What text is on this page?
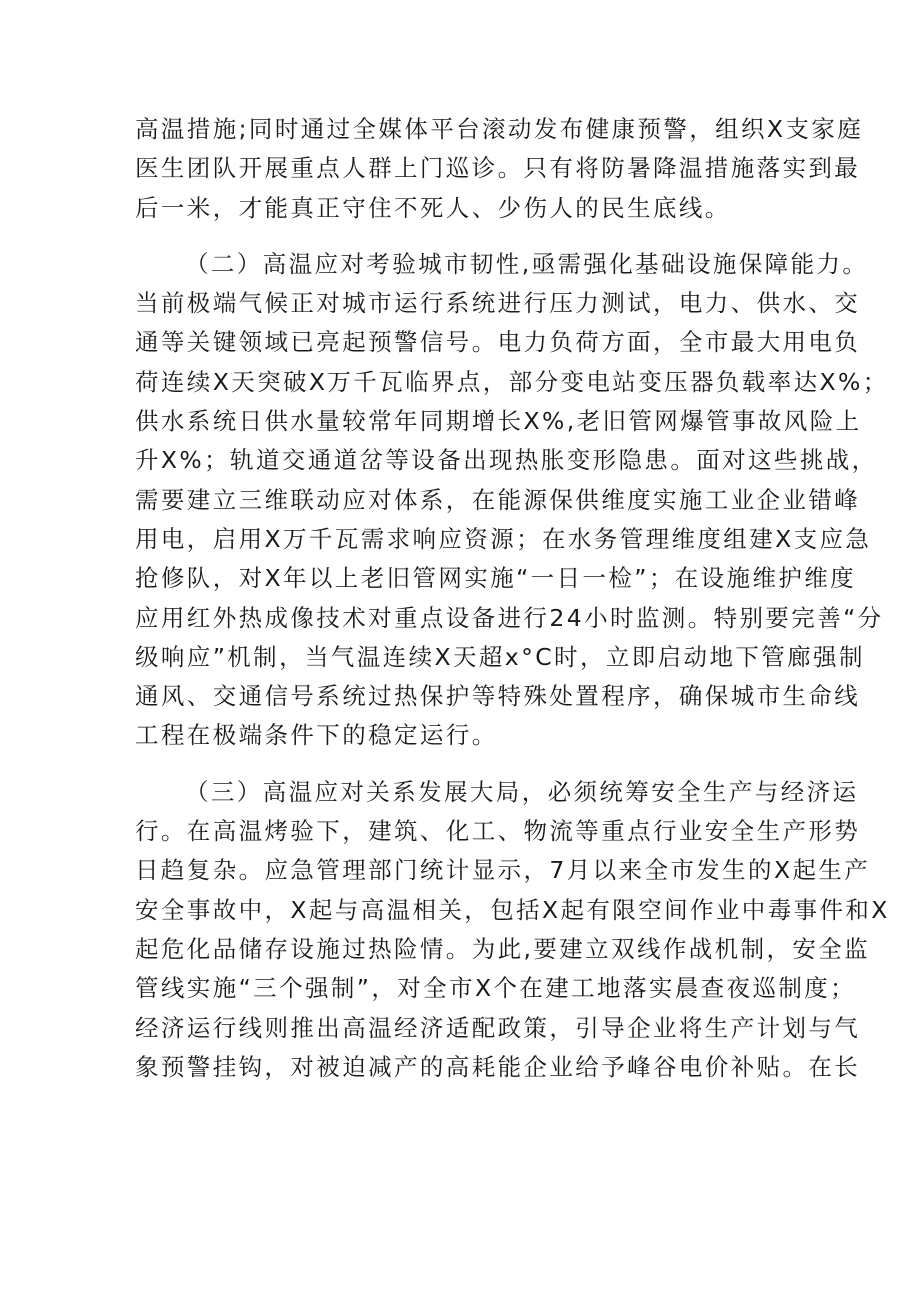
高温措施;同时通过全媒体平台滚动发布健康预警，组织X支家庭
医生团队开展重点人群上门巡诊。只有将防暑降温措施落实到最
后一米，才能真正守住不死人、少伤人的民生底线。
（二）高温应对考验城市韧性,亟需强化基础设施保障能力。
当前极端气候正对城市运行系统进行压力测试，电力、供水、交
通等关键领域已亮起预警信号。电力负荷方面，全市最大用电负
荷连续X天突破X万千瓦临界点，部分变电站变压器负载率达X%；
供水系统日供水量较常年同期增长X%,老旧管网爆管事故风险上
升X%；轨道交通道岔等设备出现热胀变形隐患。面对这些挑战，
需要建立三维联动应对体系，在能源保供维度实施工业企业错峰
用电，启用X万千瓦需求响应资源；在水务管理维度组建X支应急
抢修队，对X年以上老旧管网实施“一日一检”；在设施维护维度
应用红外热成像技术对重点设备进行24小时监测。特别要完善“分
级响应”机制，当气温连续X天超x°C时，立即启动地下管廊强制
通风、交通信号系统过热保护等特殊处置程序，确保城市生命线
工程在极端条件下的稳定运行。
（三）高温应对关系发展大局，必须统筹安全生产与经济运
行。在高温烤验下，建筑、化工、物流等重点行业安全生产形势
日趋复杂。应急管理部门统计显示，7月以来全市发生的X起生产
安全事故中，X起与高温相关，包括X起有限空间作业中毒事件和X
起危化品储存设施过热险情。为此,要建立双线作战机制，安全监
管线实施“三个强制”，对全市X个在建工地落实晨查夜巡制度；
经济运行线则推出高温经济适配政策，引导企业将生产计划与气
象预警挂钩，对被迫减产的高耗能企业给予峰谷电价补贴。在长
